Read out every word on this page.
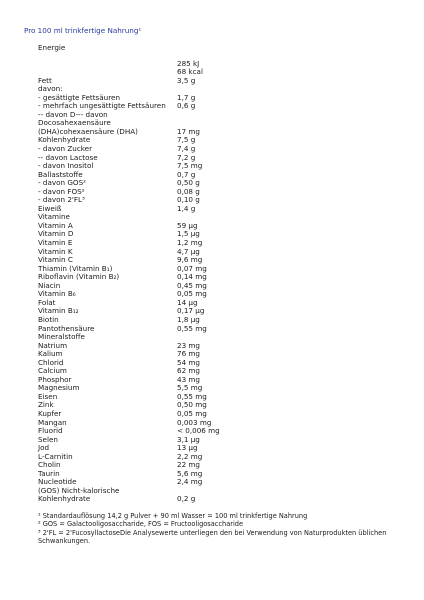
Pro 100 ml trinkfertige Nahrung¹
Energie
285 kJ
68 kcal
Fett	3,5 g
davon:
- gesättigte Fettsäuren	1,7 g
- mehrfach ungesättigte Fettsäuren 0,6 g
-- davon D--- davon
Docosahexaensäure
(DHA)cohexaensäure (DHA)	17 mg
Kohlenhydrate	7,5 g
- davon Zucker	7,4 g
-- davon Lactose	7,2 g
- davon Inositol	7,5 mg
Ballaststoffe	0,7 g
- davon GOS²	0,50 g
- davon FOS²	0,08 g
- davon 2'FL³	0,10 g
Eiweiß	1,4 g
Vitamine
Vitamin A	59 µg
Vitamin D	1,5 µg
Vitamin E	1,2 mg
Vitamin K	4,7 µg
Vitamin C	9,6 mg
Thiamin (Vitamin B₁)	0,07 mg
Riboflavin (Vitamin B₂)	0,14 mg
Niacin	0,45 mg
Vitamin B₆	0,05 mg
Folat	14 µg
Vitamin B₁₂	0,17 µg
Biotin	1,8 µg
Pantothensäure	0,55 mg
Mineralstoffe
Natrium	23 mg
Kalium	76 mg
Chlorid	54 mg
Calcium	62 mg
Phosphor	43 mg
Magnesium	5,5 mg
Eisen	0,55 mg
Zink	0,50 mg
Kupfer	0,05 mg
Mangan	0,003 mg
Fluorid	< 0,006 mg
Selen	3,1 µg
Jod	13 µg
L-Carnitin	2,2 mg
Cholin	22 mg
Taurin	5,6 mg
Nucleotide	2,4 mg
(GOS) Nicht-kalorische
Kohlenhydrate	0,2 g
¹ Standardauflösung 14,2 g Pulver + 90 ml Wasser = 100 ml trinkfertige Nahrung
² GOS = Galactooligosaccharide, FOS = Fructooligosaccharide
³ 2'FL = 2'FucosyllactoseDie Analysewerte unterliegen den bei Verwendung von Naturprodukten üblichen Schwankungen.
